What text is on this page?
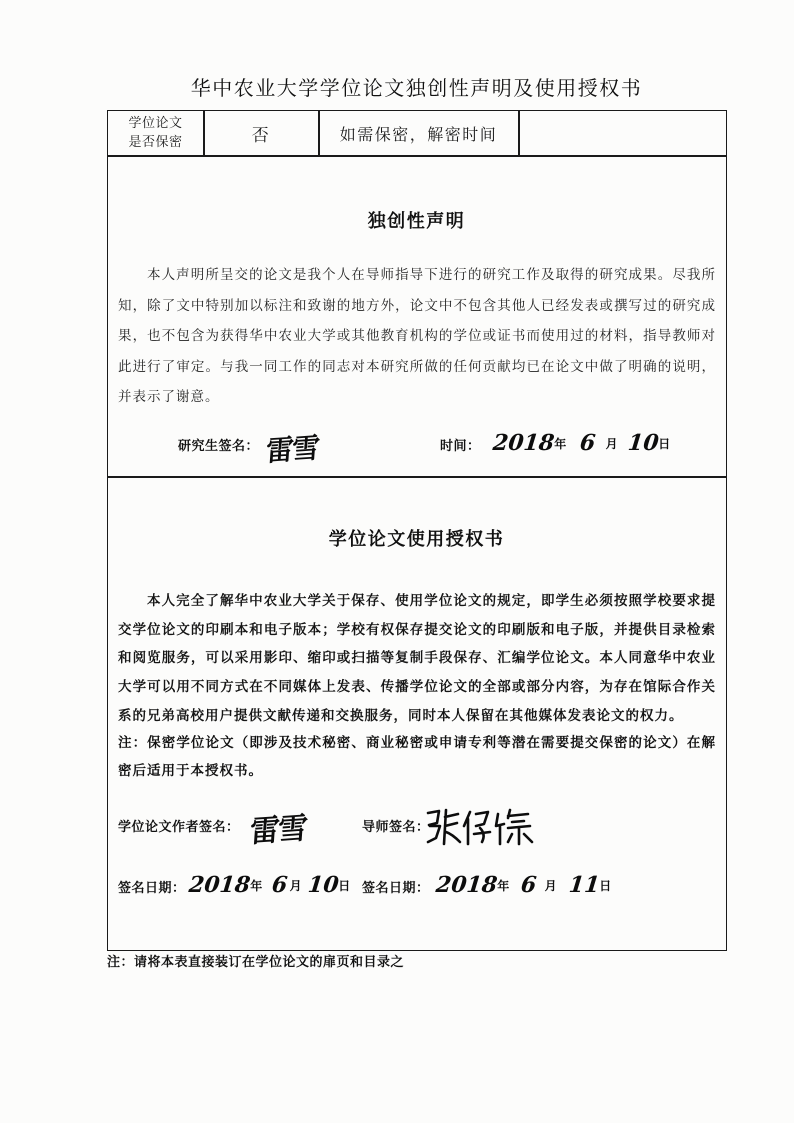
华中农业大学学位论文独创性声明及使用授权书
学位论文
是否保密	否	如需保密，解密时间
独创性声明

本人声明所呈交的论文是我个人在导师指导下进行的研究工作及取得的研究成果。尽我所知，除了文中特别加以标注和致谢的地方外，论文中不包含其他人已经发表或撰写过的研究成果，也不包含为获得华中农业大学或其他教育机构的学位或证书而使用过的材料，指导教师对此进行了审定。与我一同工作的同志对本研究所做的任何贡献均已在论文中做了明确的说明，并表示了谢意。

研究生签名： 雷雪	时间： 2018年 6 月 10日
学位论文使用授权书

本人完全了解华中农业大学关于保存、使用学位论文的规定，即学生必须按照学校要求提交学位论文的印刷本和电子版本；学校有权保存提交论文的印刷版和电子版，并提供目录检索和阅览服务，可以采用影印、缩印或扫描等复制手段保存、汇编学位论文。本人同意华中农业大学可以用不同方式在不同媒体上发表、传播学位论文的全部或部分内容，为存在馆际合作关系的兄弟高校用户提供文献传递和交换服务，同时本人保留在其他媒体发表论文的权力。

注：保密学位论文（即涉及技术秘密、商业秘密或申请专利等潜在需要提交保密的论文）在解密后适用于本授权书。

学位论文作者签名： 雷雪	导师签名：
签名日期： 2018年 6月 10日 签名日期： 2018年 6 月 11日
注：请将本表直接装订在学位论文的扉页和目录之
